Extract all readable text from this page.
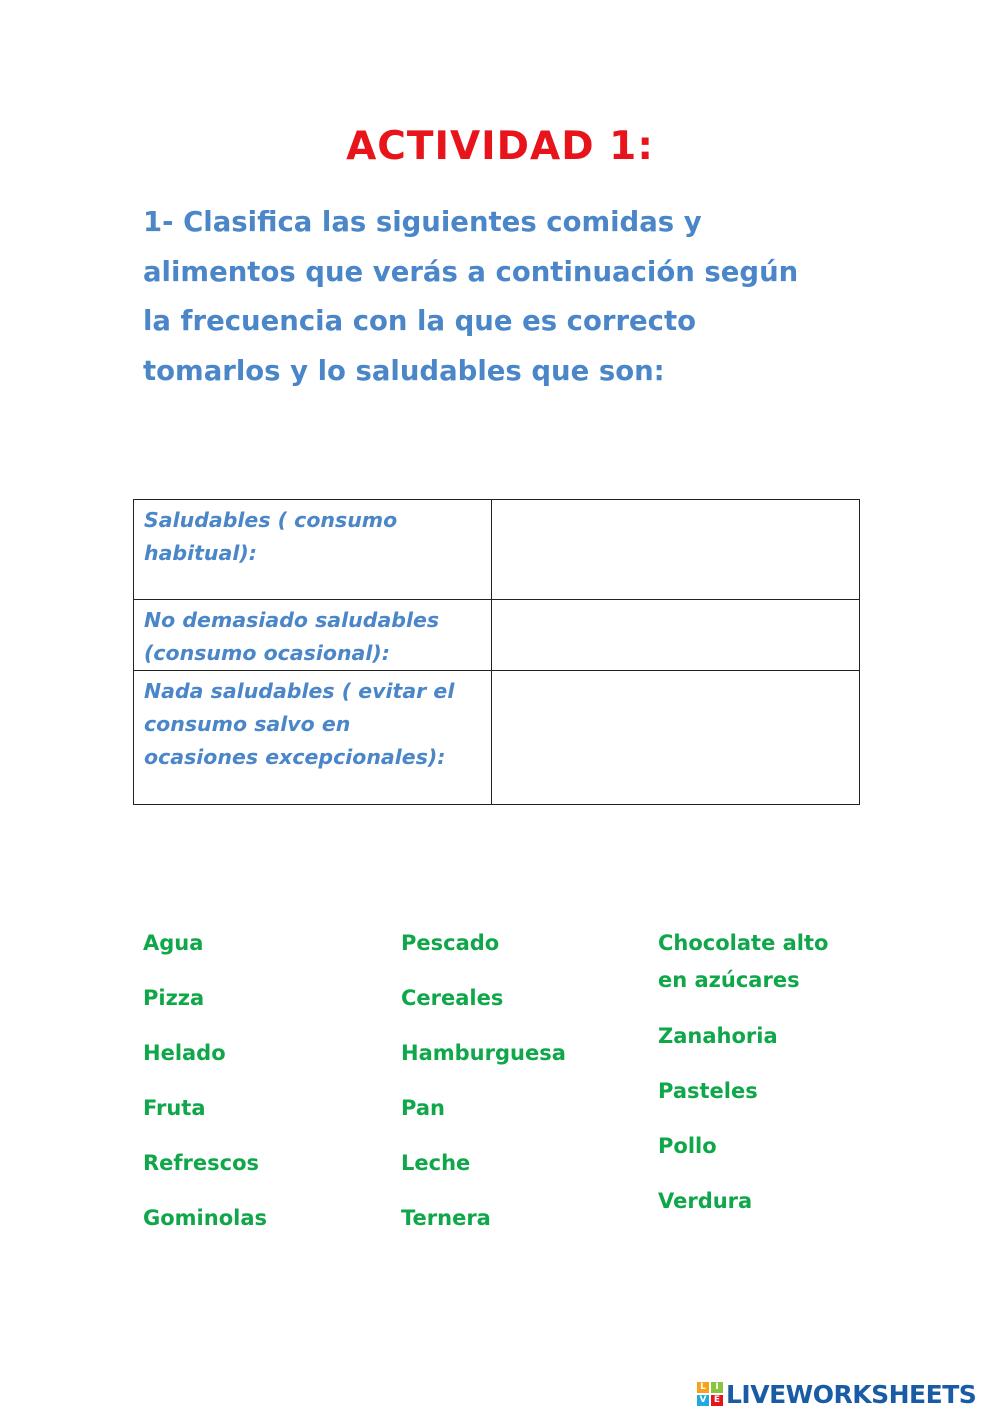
ACTIVIDAD 1:
1- Clasifica las siguientes comidas y
alimentos que verás a continuación según
la frecuencia con la que es correcto
tomarlos y lo saludables que son:
Saludables ( consumo
habitual):	

No demasiado saludables
(consumo ocasional):	

Nada saludables ( evitar el
consumo salvo en
ocasiones excepcionales):	

Agua
Pizza
Helado
Fruta
Refrescos
Gominolas
Pescado
Cereales
Hamburguesa
Pan
Leche
Ternera
Chocolate alto
en azúcares
Zanahoria
Pasteles
Pollo
Verdura
L	I
V E LIVEWORKSHEETS
